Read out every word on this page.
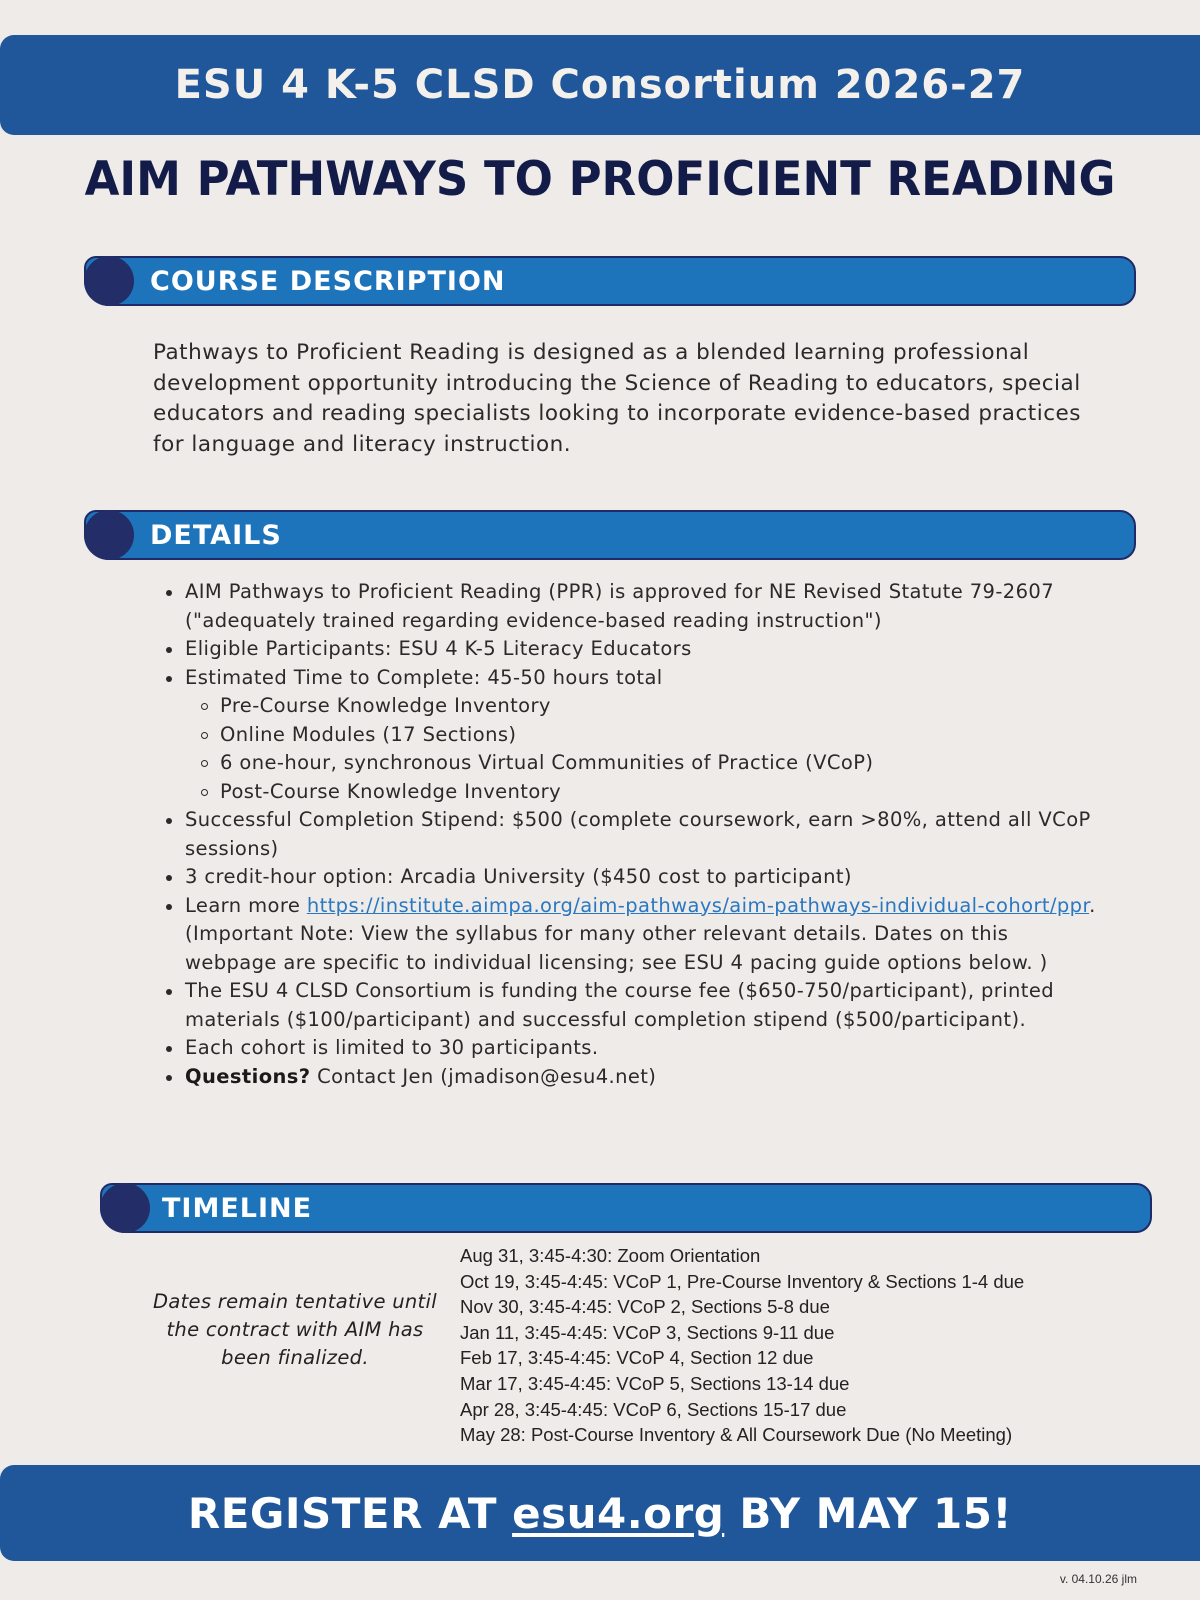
ESU 4 K-5 CLSD Consortium 2026-27
AIM PATHWAYS TO PROFICIENT READING
COURSE DESCRIPTION

Pathways to Proficient Reading is designed as a blended learning professional development opportunity introducing the Science of Reading to educators, special educators and reading specialists looking to incorporate evidence-based practices for language and literacy instruction.

DETAILS
AIM Pathways to Proficient Reading (PPR) is approved for NE Revised Statute 79-2607 ("adequately trained regarding evidence-based reading instruction")
Eligible Participants: ESU 4 K-5 Literacy Educators
Estimated Time to Complete: 45-50 hours total
Pre-Course Knowledge Inventory
Online Modules (17 Sections)
6 one-hour, synchronous Virtual Communities of Practice (VCoP)
Post-Course Knowledge Inventory
Successful Completion Stipend: $500 (complete coursework, earn >80%, attend all VCoP sessions)
3 credit-hour option: Arcadia University ($450 cost to participant)
Learn more https://institute.aimpa.org/aim-pathways/aim-pathways-individual-cohort/ppr. (Important Note: View the syllabus for many other relevant details. Dates on this webpage are specific to individual licensing; see ESU 4 pacing guide options below. )
The ESU 4 CLSD Consortium is funding the course fee ($650-750/participant), printed materials ($100/participant) and successful completion stipend ($500/participant).
Each cohort is limited to 30 participants.
Questions? Contact Jen (jmadison@esu4.net)
TIMELINE

Dates remain tentative until the contract with AIM has been finalized.

Aug 31, 3:45-4:30: Zoom Orientation
Oct 19, 3:45-4:45: VCoP 1, Pre-Course Inventory & Sections 1-4 due
Nov 30, 3:45-4:45: VCoP 2, Sections 5-8 due
Jan 11, 3:45-4:45: VCoP 3, Sections 9-11 due
Feb 17, 3:45-4:45: VCoP 4, Section 12 due
Mar 17, 3:45-4:45: VCoP 5, Sections 13-14 due
Apr 28, 3:45-4:45: VCoP 6, Sections 15-17 due
May 28: Post-Course Inventory & All Coursework Due (No Meeting)
REGISTER AT esu4.org BY MAY 15!
v. 04.10.26 jlm
